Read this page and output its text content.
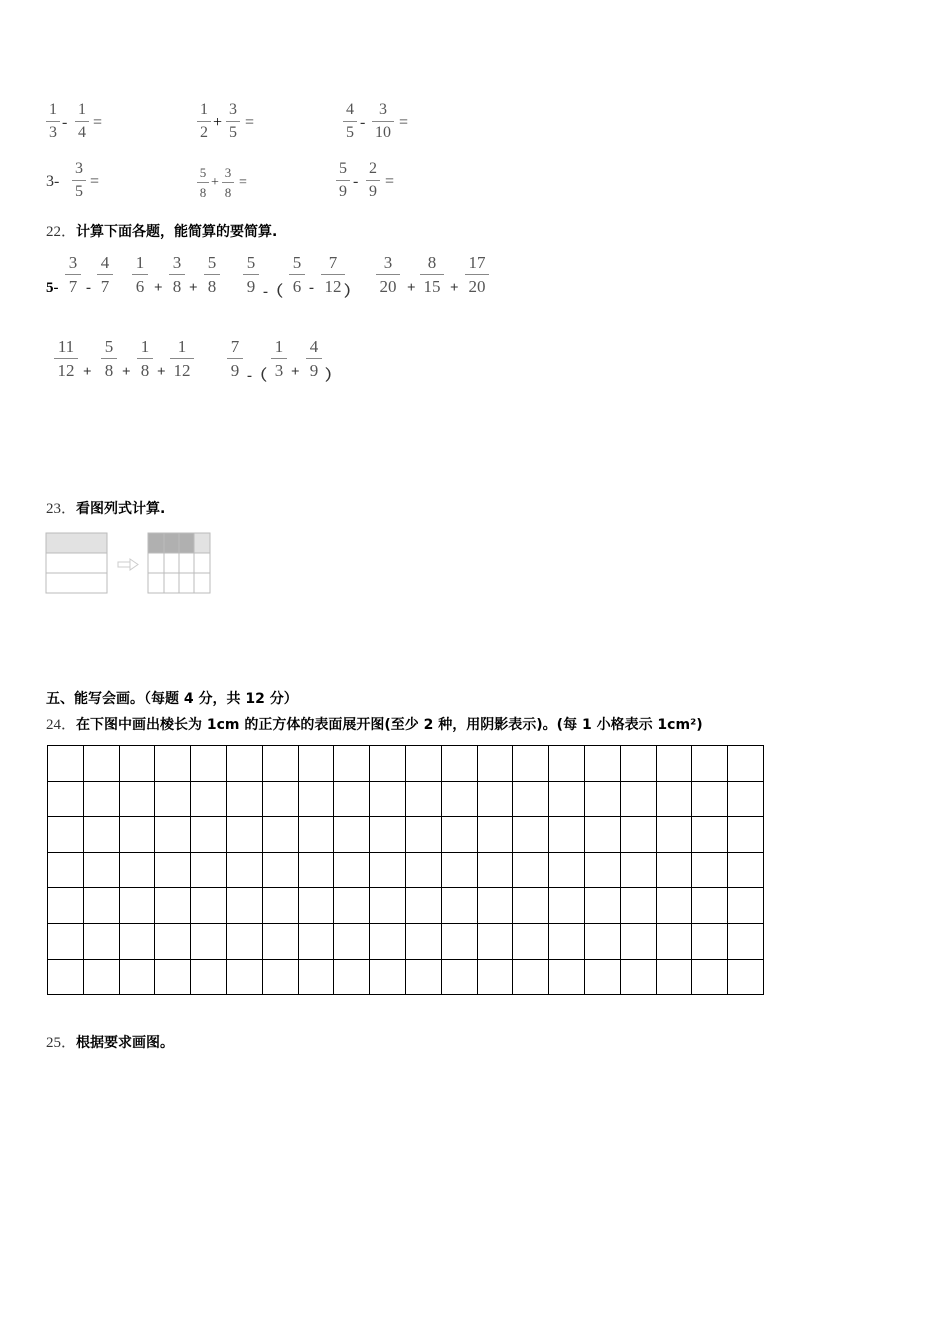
1
3
-
1
4
=
1
2
+
3
5
=
4
5
-
3
10
=
3-
3
5
=
5
8
+
3
8
=
5
9
-
2
9
=
22．计算下面各题，能简算的要简算.
5-
3
7 -
4
7
1
6 +
3
8 +
5
8
5
9 -（
5
6 -
7
12 ）
3
20 +
8
15 +
17
20
11
12 +
5
8 +
1
8 +
1
12
7
9 -（
1
3 +
4
9 ）
23．看图列式计算.
五、能写会画。（每题 4 分，共 12 分）
24．在下图中画出棱长为 1cm 的正方体的表面展开图(至少 2 种，用阴影表示)。(每 1 小格表示 1cm²)

25．根据要求画图。
